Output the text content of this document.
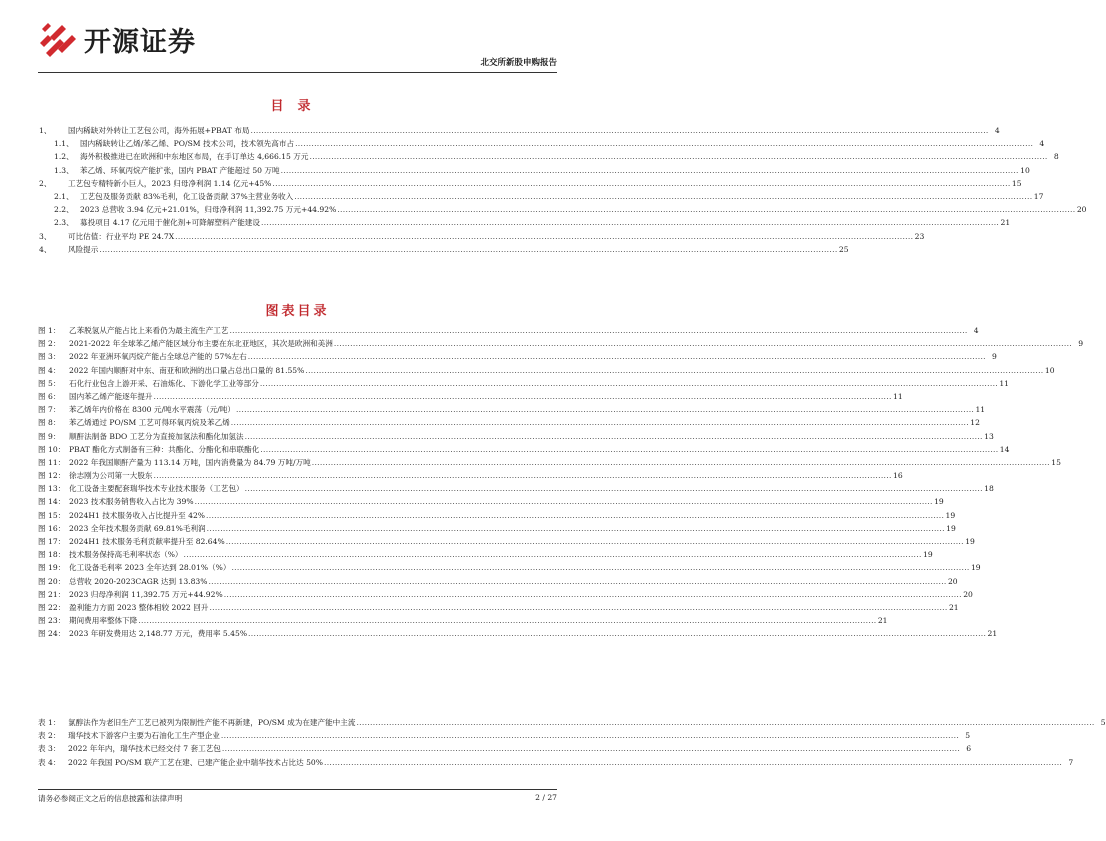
开源证券
北交所新股申购报告
目录
1、	国内稀缺对外转让工艺包公司，海外拓展+PBAT 布局 .....	4
1.1、 国内稀缺转让乙烯/苯乙烯、PO/SM 技术公司，技术领先高市占 .....	4
1.2、 海外积极推进已在欧洲和中东地区布局，在手订单达 4,666.15 万元 .....	8
1.3、 苯乙烯、环氧丙烷产能扩张，国内 PBAT 产能超过 50 万吨 .....	10
2、	工艺包专精特新小巨人，2023 归母净利润 1.14 亿元+45% .....	15
2.1、 工艺包及服务贡献 83%毛利，化工设备贡献 37%主营业务收入 .....	17
2.2、 2023 总营收 3.94 亿元+21.01%，归母净利润 11,392.75 万元+44.92% .....	20
2.3、 募投项目 4.17 亿元用于催化剂+可降解塑料产能建设 .....	21
3、	可比估值：行业平均 PE 24.7X .....	23
4、	风险提示 .....	25
图表目录
图 1：	乙苯脱氢从产能占比上来看仍为最主流生产工艺 .....	4
图 2：	2021-2022 年全球苯乙烯产能区域分布主要在东北亚地区，其次是欧洲和美洲 .....	9
图 3：	2022 年亚洲环氧丙烷产能占全球总产能的 57%左右 .....	9
图 4：	2022 年国内顺酐对中东、南亚和欧洲的出口量占总出口量的 81.55% .....	10
图 5：	石化行业包含上游开采、石油炼化、下游化学工业等部分 .....	11
图 6：	国内苯乙烯产能逐年提升 .....	11
图 7：	苯乙烯年内价格在 8300 元/吨水平震荡（元/吨） .....	11
图 8：	苯乙烯通过 PO/SM 工艺可得环氧丙烷及苯乙烯 .....	12
图 9：	顺酐法制备 BDO 工艺分为直接加氢法和酯化加氢法 .....	13
图 10： PBAT 酯化方式制备有三种：共酯化、分酯化和串联酯化 .....	14
图 11： 2022 年我国顺酐产量为 113.14 万吨，国内消费量为 84.79 万吨/万吨 .....	15
图 12： 徐志刚为公司第一大股东 .....	16
图 13： 化工设备主要配套瑞华技术专业技术服务（工艺包） .....	18
图 14： 2023 技术服务销售收入占比为 39% .....	19
图 15： 2024H1 技术服务收入占比提升至 42% .....	19
图 16： 2023 全年技术服务贡献 69.81%毛利润 .....	19
图 17： 2024H1 技术服务毛利贡献率提升至 82.64% .....	19
图 18： 技术服务保持高毛利率状态（%） .....	19
图 19： 化工设备毛利率 2023 全年达到 28.01%（%） .....	19
图 20： 总营收 2020-2023CAGR 达到 13.83% .....	20
图 21： 2023 归母净利润 11,392.75 万元+44.92% .....	20
图 22： 盈利能力方面 2023 整体相较 2022 回升 .....	21
图 23： 期间费用率整体下降 .....	21
图 24： 2023 年研发费用达 2,148.77 万元，费用率 5.45% .....	21
表 1： 氯醇法作为老旧生产工艺已被列为限制性产能不再新建，PO/SM 成为在建产能中主流 .....	5
表 2： 瑞华技术下游客户主要为石油化工生产型企业 .....	5
表 3： 2022 年年内，瑞华技术已经交付 7 套工艺包 .....	6
表 4： 2022 年我国 PO/SM 联产工艺在建、已建产能企业中瑞华技术占比达 50% .....	7
请务必参阅正文之后的信息披露和法律声明	2 / 27
